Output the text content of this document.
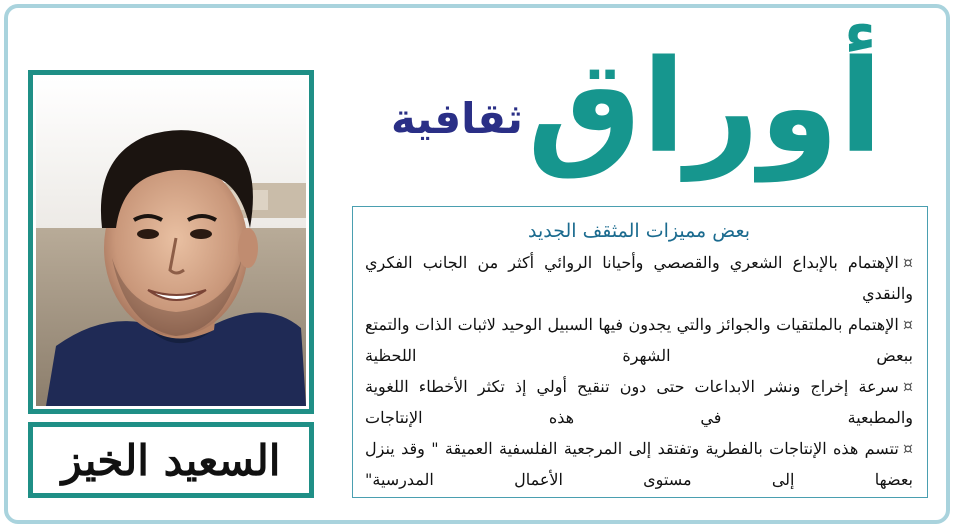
أوراق
ثقافية
السعيد الخيز
بعض مميزات المثقف الجديد
¤الإهتمام بالإبداع الشعري والقصصي وأحيانا الروائي أكثر من الجانب الفكري والنقدي
¤الإهتمام بالملتقيات والجوائز والتي يجدون فيها السبيل الوحيد لاثبات الذات والتمتع ببعض الشهرة اللحظية
¤سرعة إخراج ونشر الابداعات حتى دون تنقيح أولي إذ تكثر الأخطاء اللغوية والمطبعية في هذه الإنتاجات
¤تتسم هذه الإنتاجات بالفطرية وتفتقد إلى المرجعية الفلسفية العميقة " وقد ينزل بعضها إلى مستوى الأعمال المدرسية"
